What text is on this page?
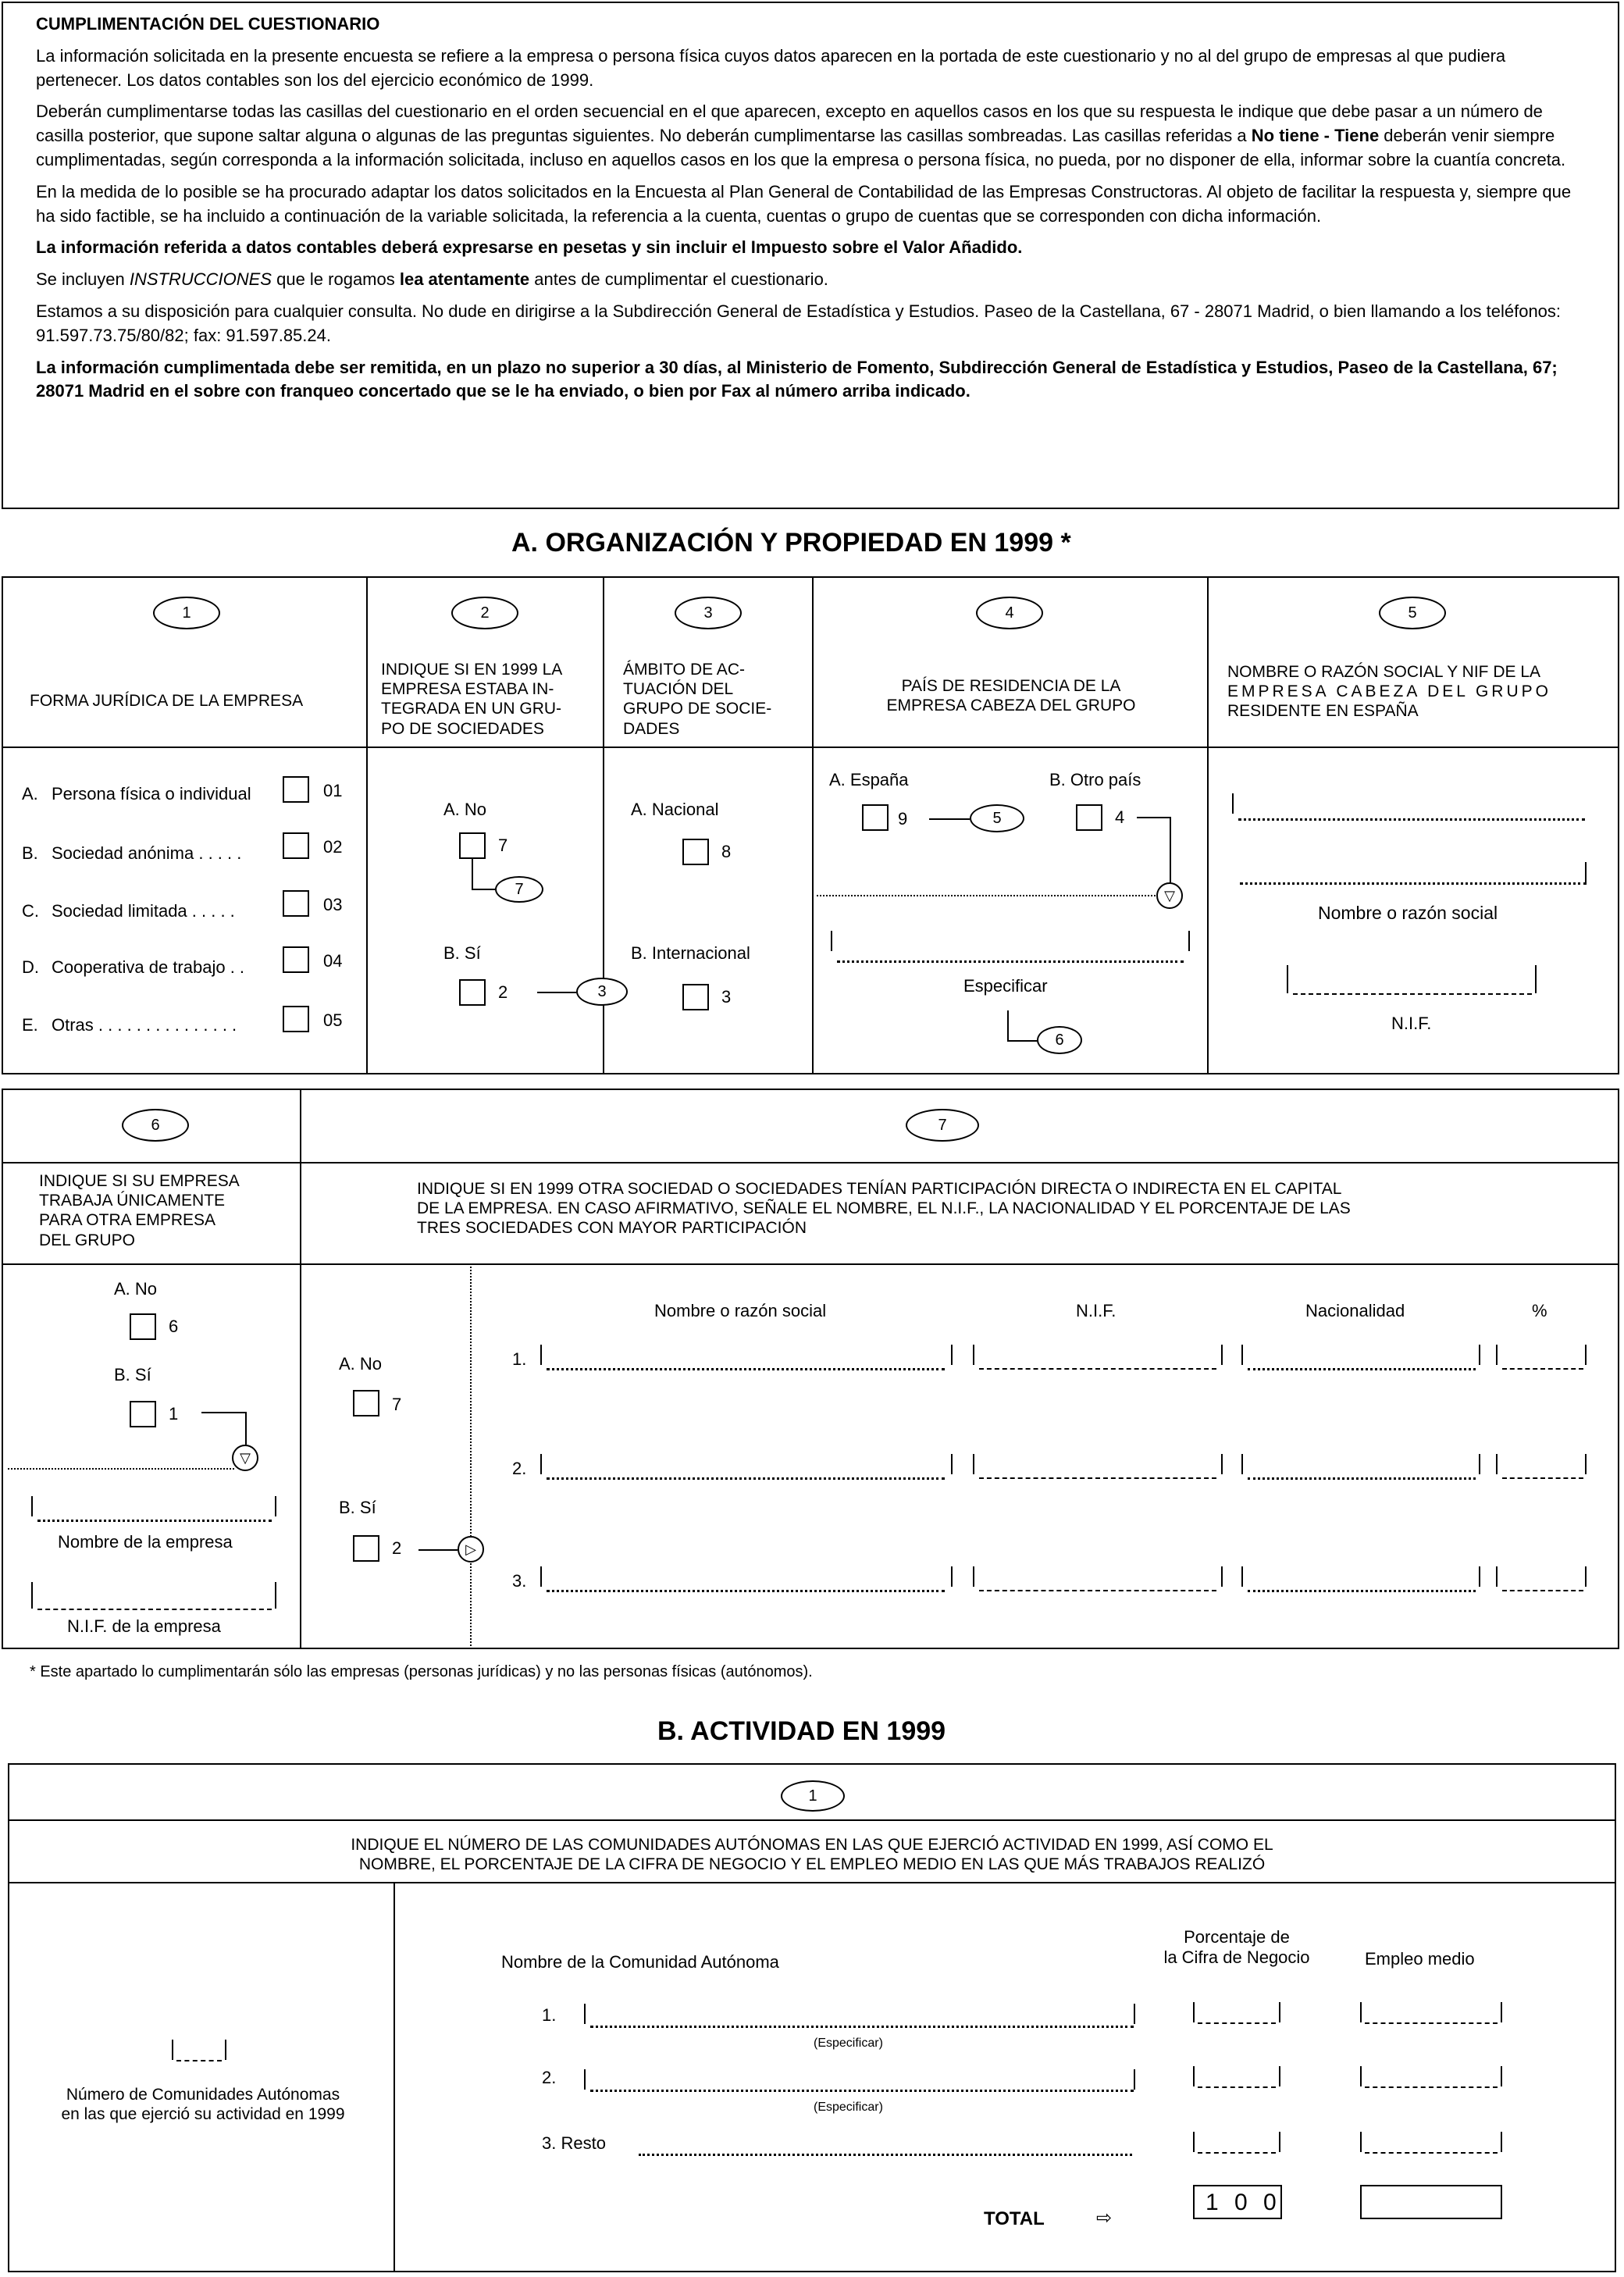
CUMPLIMENTACIÓN DEL CUESTIONARIO
La información solicitada en la presente encuesta se refiere a la empresa o persona física cuyos datos aparecen en la portada de este cuestionario y no al del grupo de empresas al que pudiera pertenecer. Los datos contables son los del ejercicio económico de 1999.
Deberán cumplimentarse todas las casillas del cuestionario en el orden secuencial en el que aparecen, excepto en aquellos casos en los que su respuesta le indique que debe pasar a un número de casilla posterior, que supone saltar alguna o algunas de las preguntas siguientes. No deberán cumplimentarse las casillas sombreadas. Las casillas referidas a No tiene - Tiene deberán venir siempre cumplimentadas, según corresponda a la información solicitada, incluso en aquellos casos en los que la empresa o persona física, no pueda, por no disponer de ella, informar sobre la cuantía concreta.
En la medida de lo posible se ha procurado adaptar los datos solicitados en la Encuesta al Plan General de Contabilidad de las Empresas Constructoras. Al objeto de facilitar la respuesta y, siempre que ha sido factible, se ha incluido a continuación de la variable solicitada, la referencia a la cuenta, cuentas o grupo de cuentas que se corresponden con dicha información.
La información referida a datos contables deberá expresarse en pesetas y sin incluir el Impuesto sobre el Valor Añadido.
Se incluyen INSTRUCCIONES que le rogamos lea atentamente antes de cumplimentar el cuestionario.
Estamos a su disposición para cualquier consulta. No dude en dirigirse a la Subdirección General de Estadística y Estudios. Paseo de la Castellana, 67 - 28071 Madrid, o bien llamando a los teléfonos: 91.597.73.75/80/82; fax: 91.597.85.24.
La información cumplimentada debe ser remitida, en un plazo no superior a 30 días, al Ministerio de Fomento, Subdirección General de Estadística y Estudios, Paseo de la Castellana, 67; 28071 Madrid en el sobre con franqueo concertado que se le ha enviado, o bien por Fax al número arriba indicado.
A. ORGANIZACIÓN Y PROPIEDAD EN 1999 *
1
FORMA JURÍDICA DE LA EMPRESA
A. Persona física o individual	01
B. Sociedad anónima . . . . .	02
C. Sociedad limitada . . . . .	03
D. Cooperativa de trabajo . .	04
E. Otras . . . . . . . . . . . . . . .	05
2
INDIQUE SI EN 1999 LA
EMPRESA ESTABA IN-
TEGRADA EN UN GRU-
PO DE SOCIEDADES
A. No
7
7
B. Sí
2	3
3
ÁMBITO DE AC-
TUACIÓN DEL
GRUPO DE SOCIE-
DADES
A. Nacional
8
B. Internacional
3
4
PAÍS DE RESIDENCIA DE LA
EMPRESA CABEZA DEL GRUPO
A. España
9	5
B. Otro país
4
▽
Especificar
6
5
NOMBRE O RAZÓN SOCIAL Y NIF DE LA
EMPRESA CABEZA DEL GRUPO
RESIDENTE EN ESPAÑA
Nombre o razón social
N.I.F.
6
INDIQUE SI SU EMPRESA
TRABAJA ÚNICAMENTE
PARA OTRA EMPRESA
DEL GRUPO
A. No
6
B. Sí
1
▽
Nombre de la empresa
N.I.F. de la empresa
7
INDIQUE SI EN 1999 OTRA SOCIEDAD O SOCIEDADES TENÍAN PARTICIPACIÓN DIRECTA O INDIRECTA EN EL CAPITAL
DE LA EMPRESA. EN CASO AFIRMATIVO, SEÑALE EL NOMBRE, EL N.I.F., LA NACIONALIDAD Y EL PORCENTAJE DE LAS
TRES SOCIEDADES CON MAYOR PARTICIPACIÓN
A. No
7
B. Sí
2	▷
Nombre o razón social	N.I.F.	Nacionalidad	%
1.
2.
3.
* Este apartado lo cumplimentarán sólo las empresas (personas jurídicas) y no las personas físicas (autónomos).
B. ACTIVIDAD EN 1999
1
INDIQUE EL NÚMERO DE LAS COMUNIDADES AUTÓNOMAS EN LAS QUE EJERCIÓ ACTIVIDAD EN 1999, ASÍ COMO EL
NOMBRE, EL PORCENTAJE DE LA CIFRA DE NEGOCIO Y EL EMPLEO MEDIO EN LAS QUE MÁS TRABAJOS REALIZÓ
Número de Comunidades Autónomas
en las que ejerció su actividad en 1999
Nombre de la Comunidad Autónoma
Porcentaje de
la Cifra de Negocio	Empleo medio
1.
(Especificar)
2.
(Especificar)
3. Resto
TOTAL	⇨
1 0 0
